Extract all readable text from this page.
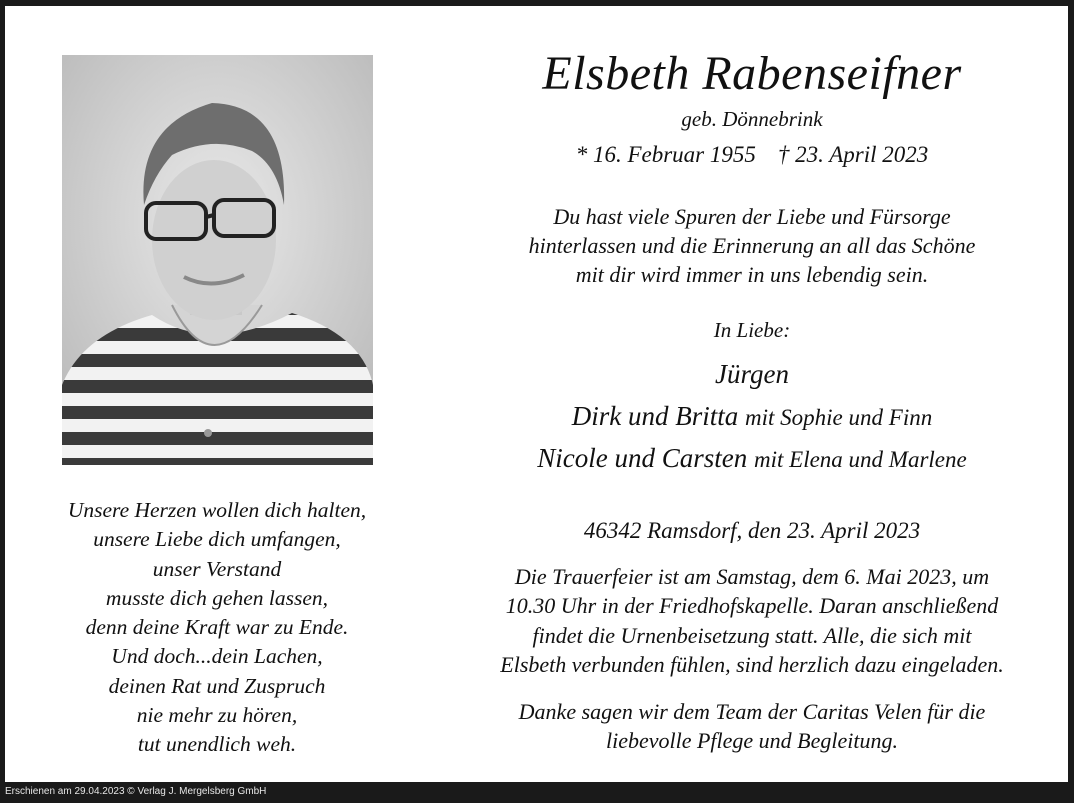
Unsere Herzen wollen dich halten,
unsere Liebe dich umfangen,
unser Verstand
musste dich gehen lassen,
denn deine Kraft war zu Ende.
Und doch...dein Lachen,
deinen Rat und Zuspruch
nie mehr zu hören,
tut unendlich weh.
Elsbeth Rabenseifner
geb. Dönnebrink
* 16. Februar 1955 † 23. April 2023
Du hast viele Spuren der Liebe und Fürsorge
hinterlassen und die Erinnerung an all das Schöne
mit dir wird immer in uns lebendig sein.
In Liebe:
Jürgen
Dirk und Britta mit Sophie und Finn
Nicole und Carsten mit Elena und Marlene
46342 Ramsdorf, den 23. April 2023
Die Trauerfeier ist am Samstag, dem 6. Mai 2023, um
10.30 Uhr in der Friedhofskapelle. Daran anschließend
findet die Urnenbeisetzung statt. Alle, die sich mit
Elsbeth verbunden fühlen, sind herzlich dazu eingeladen.
Danke sagen wir dem Team der Caritas Velen für die
liebevolle Pflege und Begleitung.
Erschienen am 29.04.2023 © Verlag J. Mergelsberg GmbH
